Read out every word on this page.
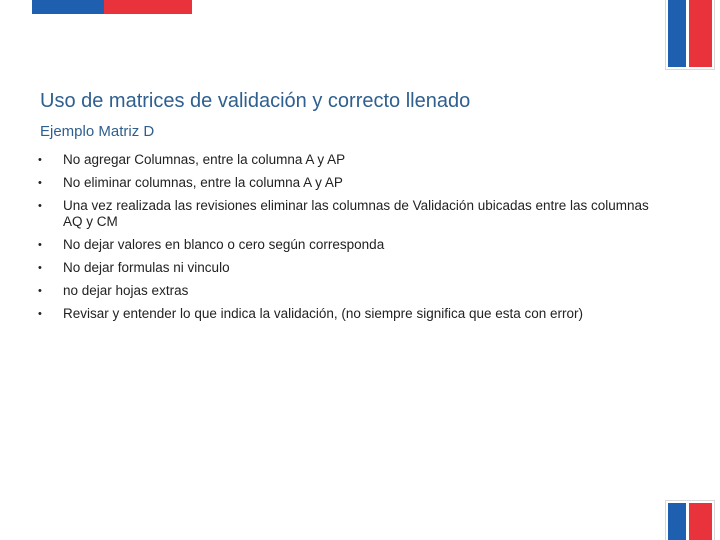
Uso de matrices de validación y correcto llenado
Ejemplo Matriz D
• No agregar Columnas, entre la columna A y AP
• No eliminar columnas, entre la columna A y AP
• Una vez realizada las revisiones eliminar las columnas de Validación ubicadas entre las columnas AQ y CM
• No dejar valores en blanco o cero según corresponda
• No dejar formulas ni vinculo
• no dejar hojas extras
• Revisar y entender lo que indica la validación, (no siempre significa que esta con error)
